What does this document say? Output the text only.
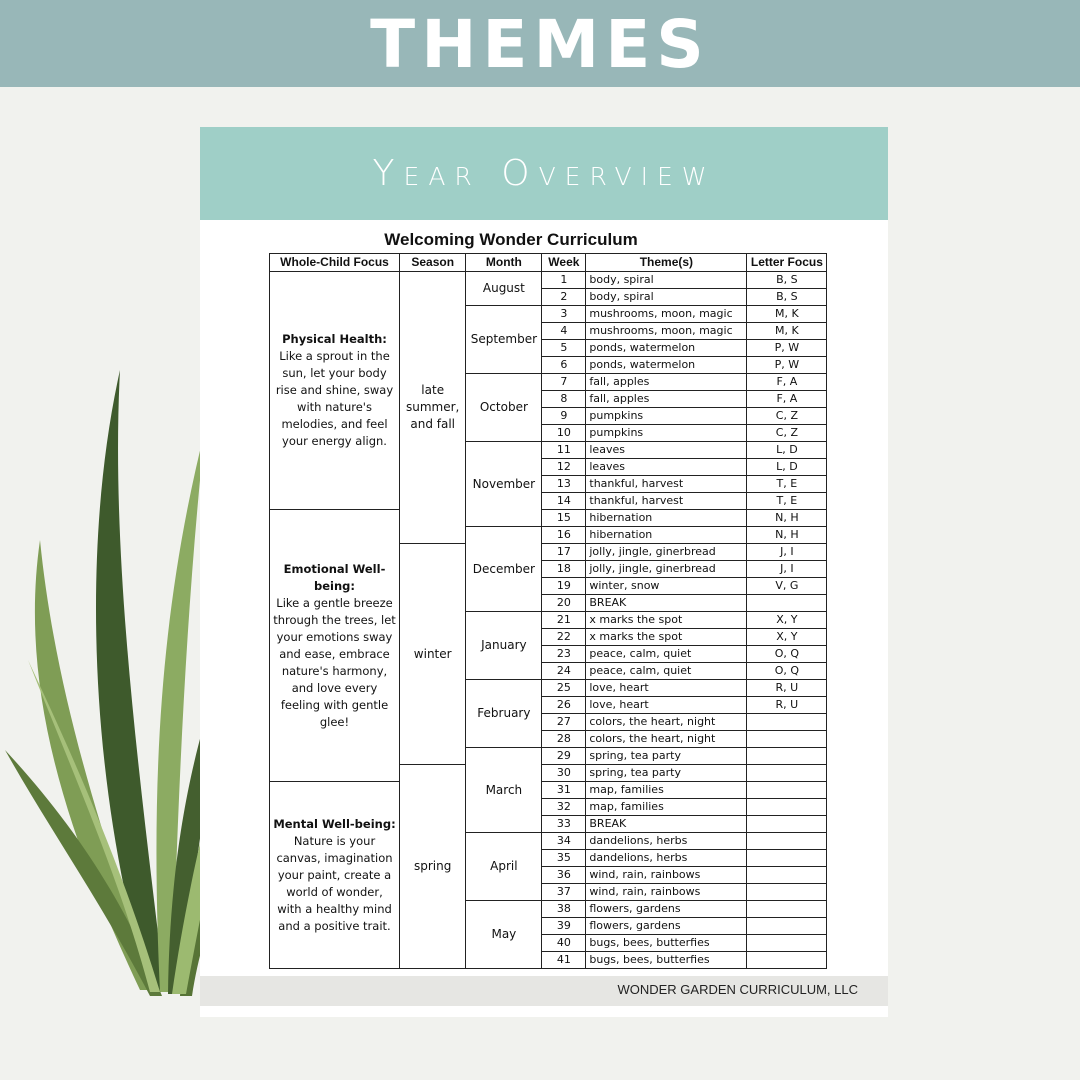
THEMES
Year Overview
Welcoming Wonder Curriculum
Whole-Child Focus	Season	Month	Week	Theme(s)	Letter Focus

Physical Health:
Like a sprout in the sun, let your body rise and shine, sway with nature's melodies, and feel your energy align.	late summer, and fall	August	1	body, spiral	B, S
			2	body, spiral	B, S
		September	3	mushrooms, moon, magic	M, K
			4	mushrooms, moon, magic	M, K
			5	ponds, watermelon	P, W
			6	ponds, watermelon	P, W
		October	7	fall, apples	F, A
			8	fall, apples	F, A
			9	pumpkins	C, Z
			10	pumpkins	C, Z
		November	11	leaves	L, D
			12	leaves	L, D
			13	thankful, harvest	T, E
			14	thankful, harvest	T, E

Emotional Well-being:
Like a gentle breeze through the trees, let your emotions sway and ease, embrace nature's harmony, and love every feeling with gentle glee!			15	hibernation	N, H
		December	16	hibernation	N, H
	winter		17	jolly, jingle, ginerbread	J, I
			18	jolly, jingle, ginerbread	J, I
			19	winter, snow	V, G
			20	BREAK	
		January	21	x marks the spot	X, Y
			22	x marks the spot	X, Y
			23	peace, calm, quiet	O, Q
			24	peace, calm, quiet	O, Q
		February	25	love, heart	R, U
			26	love, heart	R, U
			27	colors, the heart, night	
			28	colors, the heart, night	
		March	29	spring, tea party	
	spring		30	spring, tea party	

Mental Well-being:
Nature is your canvas, imagination your paint, create a world of wonder, with a healthy mind and a positive trait.			31	map, families	
			32	map, families	
			33	BREAK	
		April	34	dandelions, herbs	
			35	dandelions, herbs	
			36	wind, rain, rainbows	
			37	wind, rain, rainbows	
		May	38	flowers, gardens	
			39	flowers, gardens	
			40	bugs, bees, butterfies	
			41	bugs, bees, butterfies	
WONDER GARDEN CURRICULUM, LLC
